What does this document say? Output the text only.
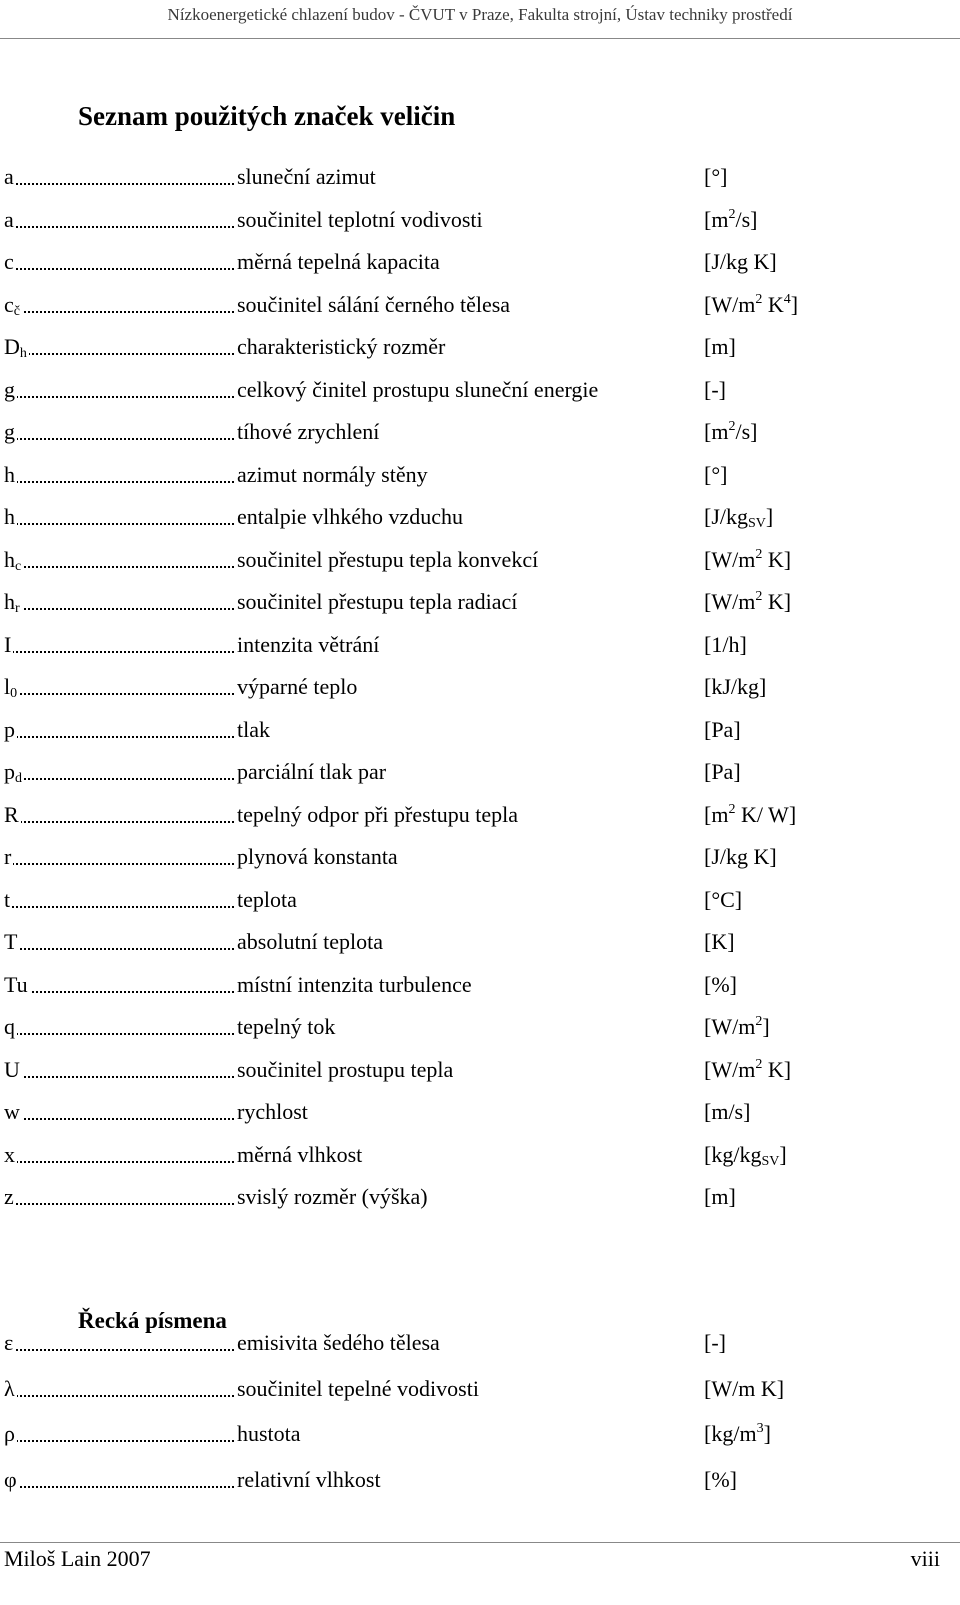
Nízkoenergetické chlazení budov - ČVUT v Praze, Fakulta strojní, Ústav techniky prostředí
Seznam použitých značek veličin
a	sluneční azimut	[°]
a	součinitel teplotní vodivosti	$[m^2/s]$
c	měrná tepelná kapacita	[J/kg K]
$c_č$	součinitel sálání černého tělesa	[$W/m^2$ $K^4$]
$D_h$	charakteristický rozměr	[m]
g	celkový činitel prostupu sluneční energie	[-]
g	tíhové zrychlení	$[m^2/s]$
h	azimut normály stěny	[°]
h	entalpie vlhkého vzduchu	$[J/kg_{SV}]$
$h_c$	součinitel přestupu tepla konvekcí	[$W/m^2$ K]
$h_r$	součinitel přestupu tepla radiací	[$W/m^2$ K]
I	intenzita větrání	[1/h]
$l_0$	výparné teplo	[kJ/kg]
p	tlak	[Pa]
$p_d$	parciální tlak par	[Pa]
R	tepelný odpor při přestupu tepla	[$m^2$ K/ W]
r	plynová konstanta	[J/kg K]
t	teplota	[°C]
T	absolutní teplota	[K]
Tu	místní intenzita turbulence	[%]
q	tepelný tok	$[W/m^2]$
U	součinitel prostupu tepla	[$W/m^2$ K]
w	rychlost	[m/s]
x	měrná vlhkost	$[kg/kg_{SV}]$
z	svislý rozměr (výška)	[m]
Řecká písmena
ε	emisivita šedého tělesa	[-]
λ	součinitel tepelné vodivosti	[W/m K]
ρ	hustota	$[kg/m^3]$
φ	relativní vlhkost	[%]
Miloš Lain 2007	viii
